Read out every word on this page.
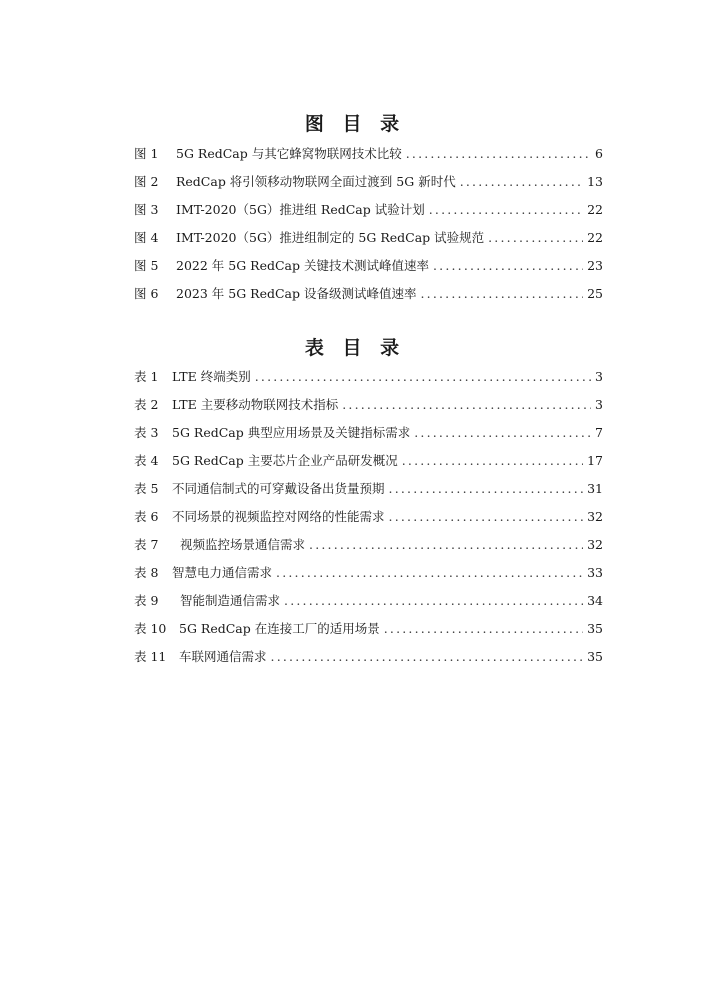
图 目 录
图 1	5G RedCap 与其它蜂窝物联网技术比较 .....	6
图 2	RedCap 将引领移动物联网全面过渡到 5G 新时代 .....	13
图 3	IMT-2020（5G）推进组 RedCap 试验计划 .....	22
图 4	IMT-2020（5G）推进组制定的 5G RedCap 试验规范 .....	22
图 5	2022 年 5G RedCap 关键技术测试峰值速率 .....	23
图 6	2023 年 5G RedCap 设备级测试峰值速率 .....	25
表 目 录
表 1	LTE 终端类别 .....	3
表 2	LTE 主要移动物联网技术指标 .....	3
表 3	5G RedCap 典型应用场景及关键指标需求 .....	7
表 4	5G RedCap 主要芯片企业产品研发概况 .....	17
表 5	不同通信制式的可穿戴设备出货量预期 .....	31
表 6	不同场景的视频监控对网络的性能需求 .....	32
表 7	视频监控场景通信需求 .....	32
表 8	智慧电力通信需求 .....	33
表 9	智能制造通信需求 .....	34
表 10	5G RedCap 在连接工厂的适用场景 .....	35
表 11	车联网通信需求 .....	35
